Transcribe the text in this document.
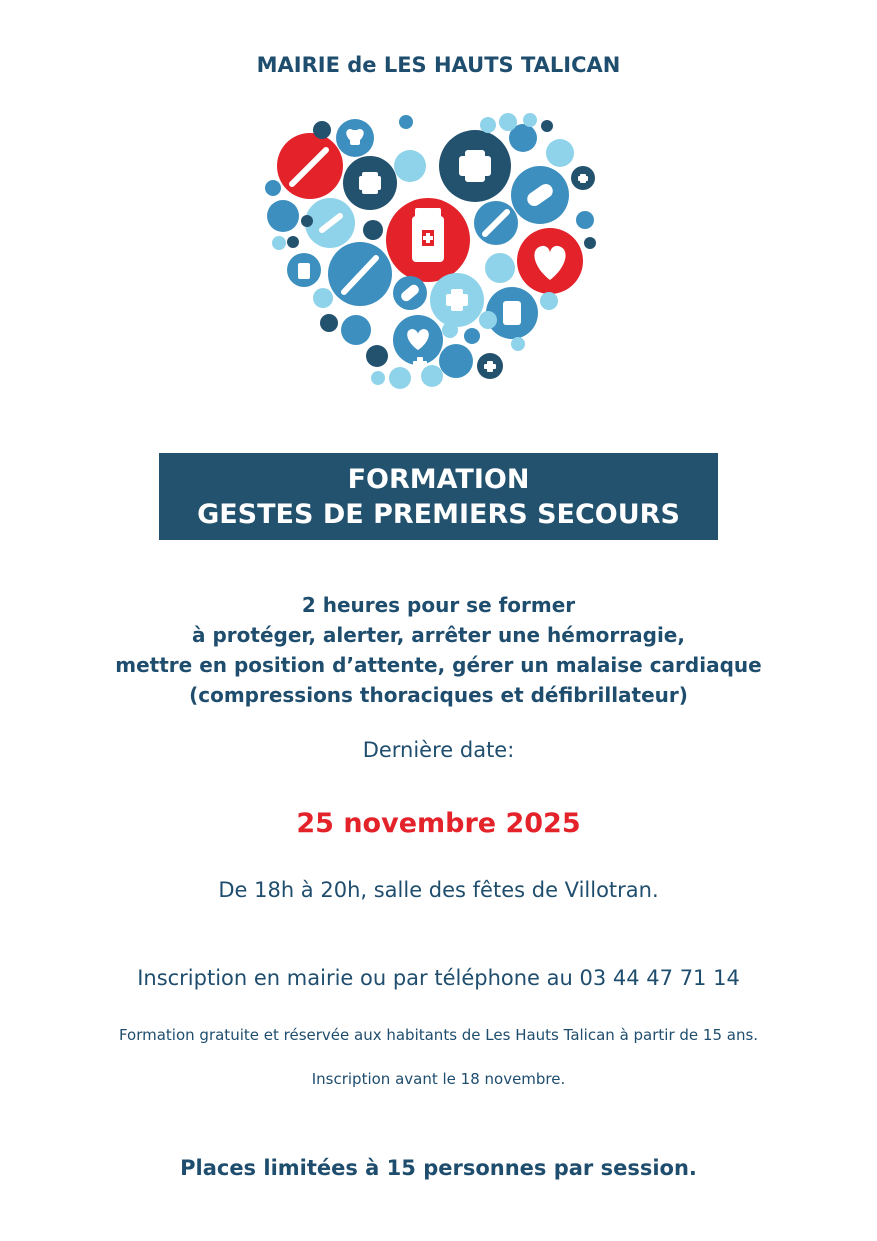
MAIRIE de LES HAUTS TALICAN
FORMATION
GESTES DE PREMIERS SECOURS
2 heures pour se former
à protéger, alerter, arrêter une hémorragie,
mettre en position d’attente, gérer un malaise cardiaque
(compressions thoraciques et défibrillateur)
Dernière date:
25 novembre 2025
De 18h à 20h, salle des fêtes de Villotran.
Inscription en mairie ou par téléphone au 03 44 47 71 14
Formation gratuite et réservée aux habitants de Les Hauts Talican à partir de 15 ans.
Inscription avant le 18 novembre.
Places limitées à 15 personnes par session.
